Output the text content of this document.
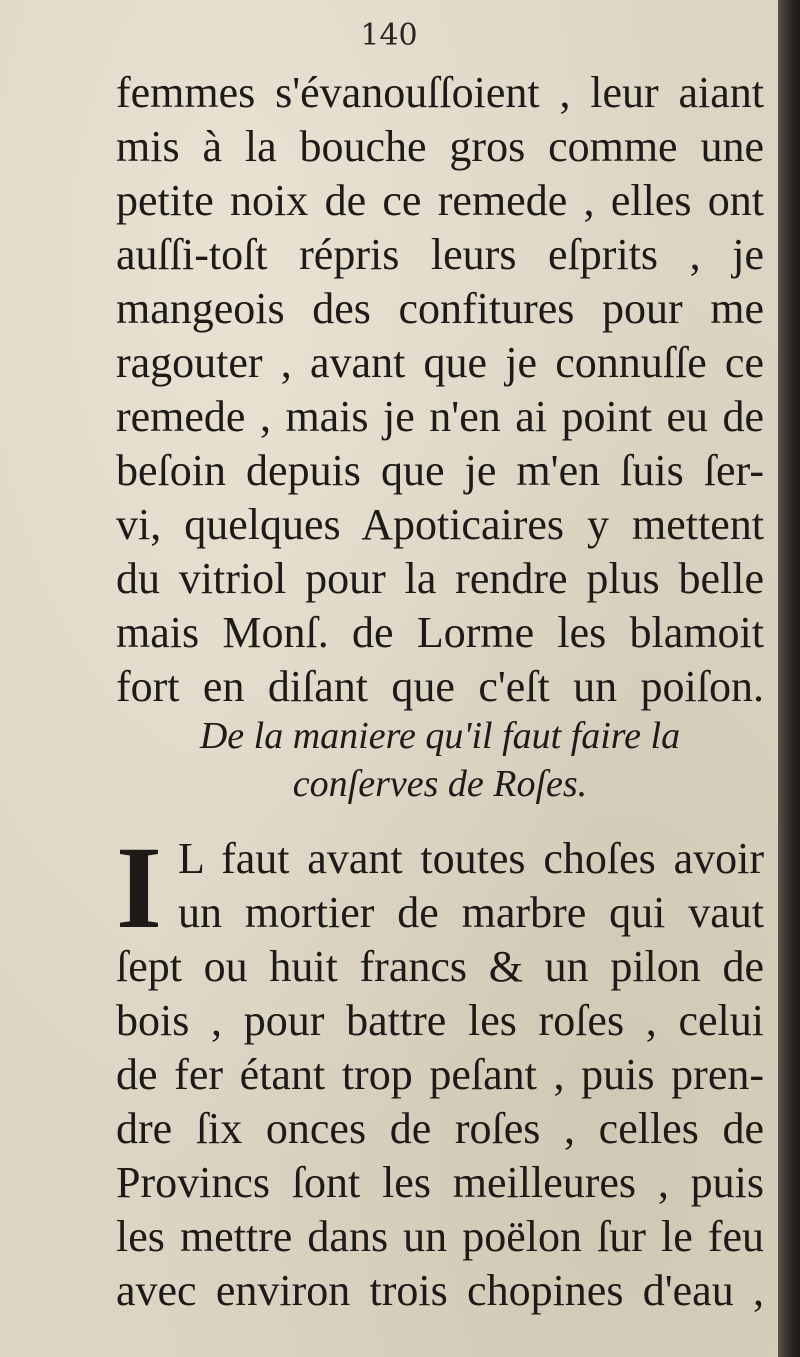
140
femmes s'évanouſſoient , leur aiant
mis à la bouche gros comme une
petite noix de ce remede , elles ont
auſſi-toſt répris leurs eſprits , je
mangeois des confitures pour me
ragouter , avant que je connuſſe ce
remede , mais je n'en ai point eu de
beſoin depuis que je m'en ſuis ſer-
vi, quelques Apoticaires y mettent
du vitriol pour la rendre plus belle
mais Monſ. de Lorme les blamoit
fort en diſant que c'eſt un poiſon.
De la maniere qu'il faut faire la
conſerves de Roſes.
I L faut avant toutes choſes avoir
un mortier de marbre qui vaut
ſept ou huit francs & un pilon de
bois , pour battre les roſes , celui
de fer étant trop peſant , puis pren-
dre ſix onces de roſes , celles de
Provincs ſont les meilleures , puis
les mettre dans un poëlon ſur le feu
avec environ trois chopines d'eau ,
